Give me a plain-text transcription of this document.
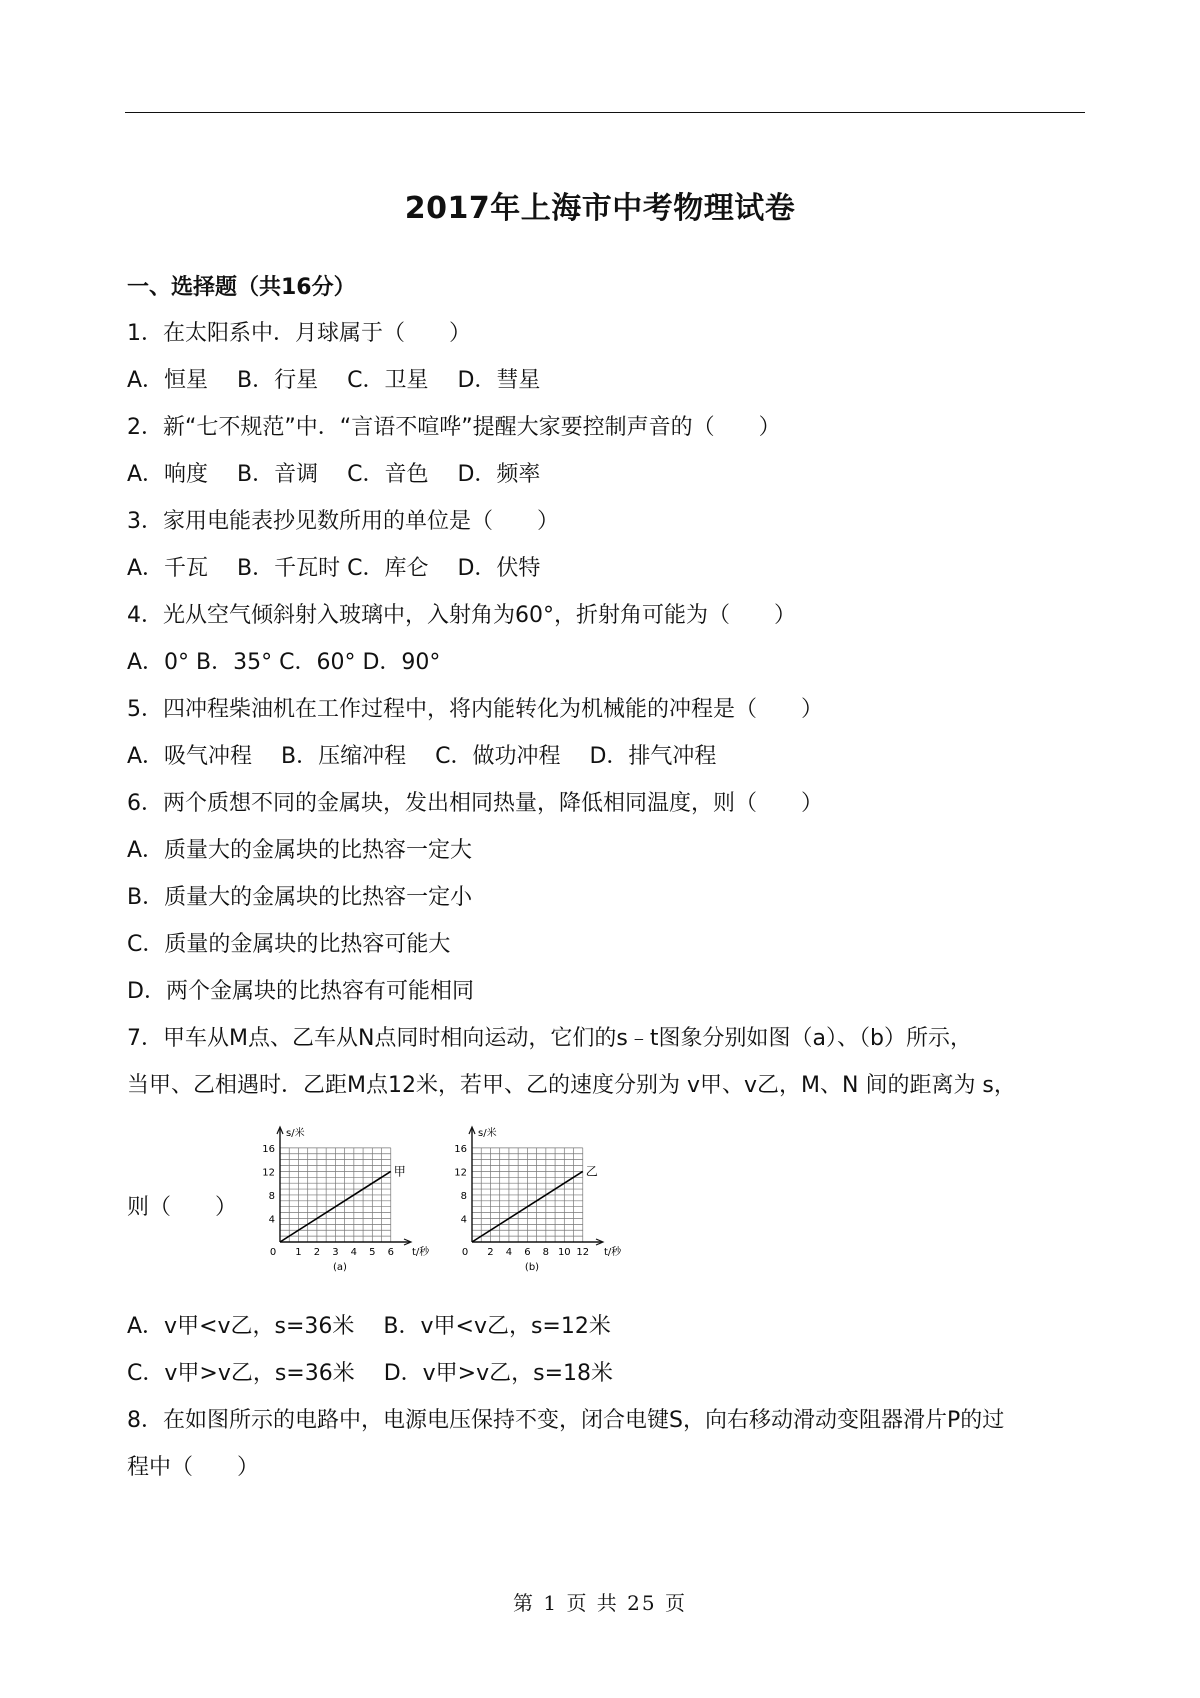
2017年上海市中考物理试卷
一、选择题（共16分）
1．在太阳系中．月球属于（　　）
A．恒星　 B．行星　 C．卫星　 D．彗星
2．新“七不规范”中．“言语不喧哗”提醒大家要控制声音的（　　）
A．响度　 B．音调　 C．音色　 D．频率
3．家用电能表抄见数所用的单位是（　　）
A．千瓦　 B．千瓦时 C．库仑　 D．伏特
4．光从空气倾斜射入玻璃中，入射角为60°，折射角可能为（　　）
A．0° B．35° C．60° D．90°
5．四冲程柴油机在工作过程中，将内能转化为机械能的冲程是（　　）
A．吸气冲程　 B．压缩冲程　 C．做功冲程　 D．排气冲程
6．两个质想不同的金属块，发出相同热量，降低相同温度，则（　　）
A．质量大的金属块的比热容一定大
B．质量大的金属块的比热容一定小
C．质量的金属块的比热容可能大
D．两个金属块的比热容有可能相同
7．甲车从M点、乙车从N点同时相向运动，它们的s﹣t图象分别如图（a）、（b）所示，
当甲、乙相遇时．乙距M点12米，若甲、乙的速度分别为 v甲、v乙，M、N 间的距离为 s，
则（　　）
s/米
t/秒
4
8
12
16
0 1 2 3 4 5 6
甲
(a)
s/米
t/秒
4
8
12
16
0 2 4 6 8 10 12
乙
(b)
A．v甲<v乙，s=36米　 B．v甲<v乙，s=12米
C．v甲>v乙，s=36米　 D．v甲>v乙，s=18米
8．在如图所示的电路中，电源电压保持不变，闭合电键S，向右移动滑动变阻器滑片P的过
程中（　　）
第 1 页 共 25 页
